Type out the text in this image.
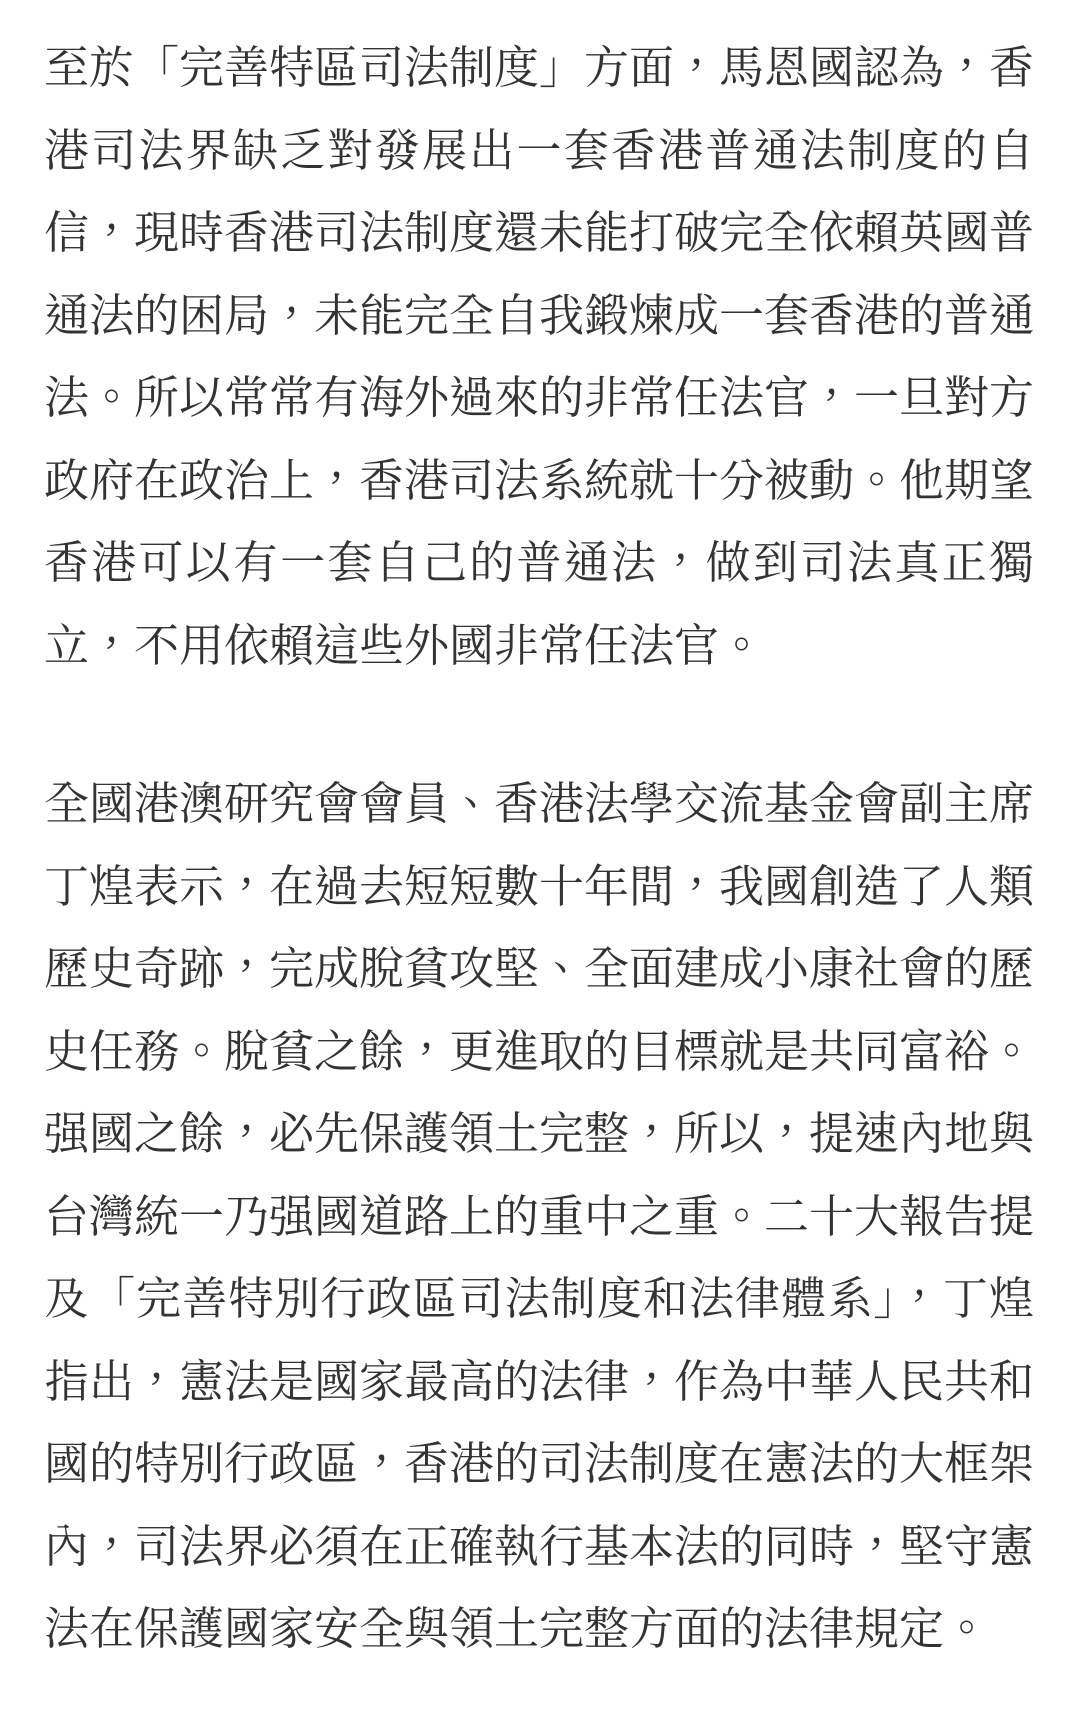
至於「完善特區司法制度」方面，馬恩國認為，香港司法界缺乏對發展出一套香港普通法制度的自信，現時香港司法制度還未能打破完全依賴英國普通法的困局，未能完全自我鍛煉成一套香港的普通法。所以常常有海外過來的非常任法官，一旦對方政府在政治上，香港司法系統就十分被動。他期望香港可以有一套自己的普通法，做到司法真正獨立，不用依賴這些外國非常任法官。

全國港澳研究會會員、香港法學交流基金會副主席丁煌表示，在過去短短數十年間，我國創造了人類歷史奇跡，完成脫貧攻堅、全面建成小康社會的歷史任務。脫貧之餘，更進取的目標就是共同富裕。强國之餘，必先保護領土完整，所以，提速內地與台灣統一乃强國道路上的重中之重。二十大報告提及「完善特別行政區司法制度和法律體系」，丁煌指出，憲法是國家最高的法律，作為中華人民共和國的特別行政區，香港的司法制度在憲法的大框架內，司法界必須在正確執行基本法的同時，堅守憲法在保護國家安全與領土完整方面的法律規定。
